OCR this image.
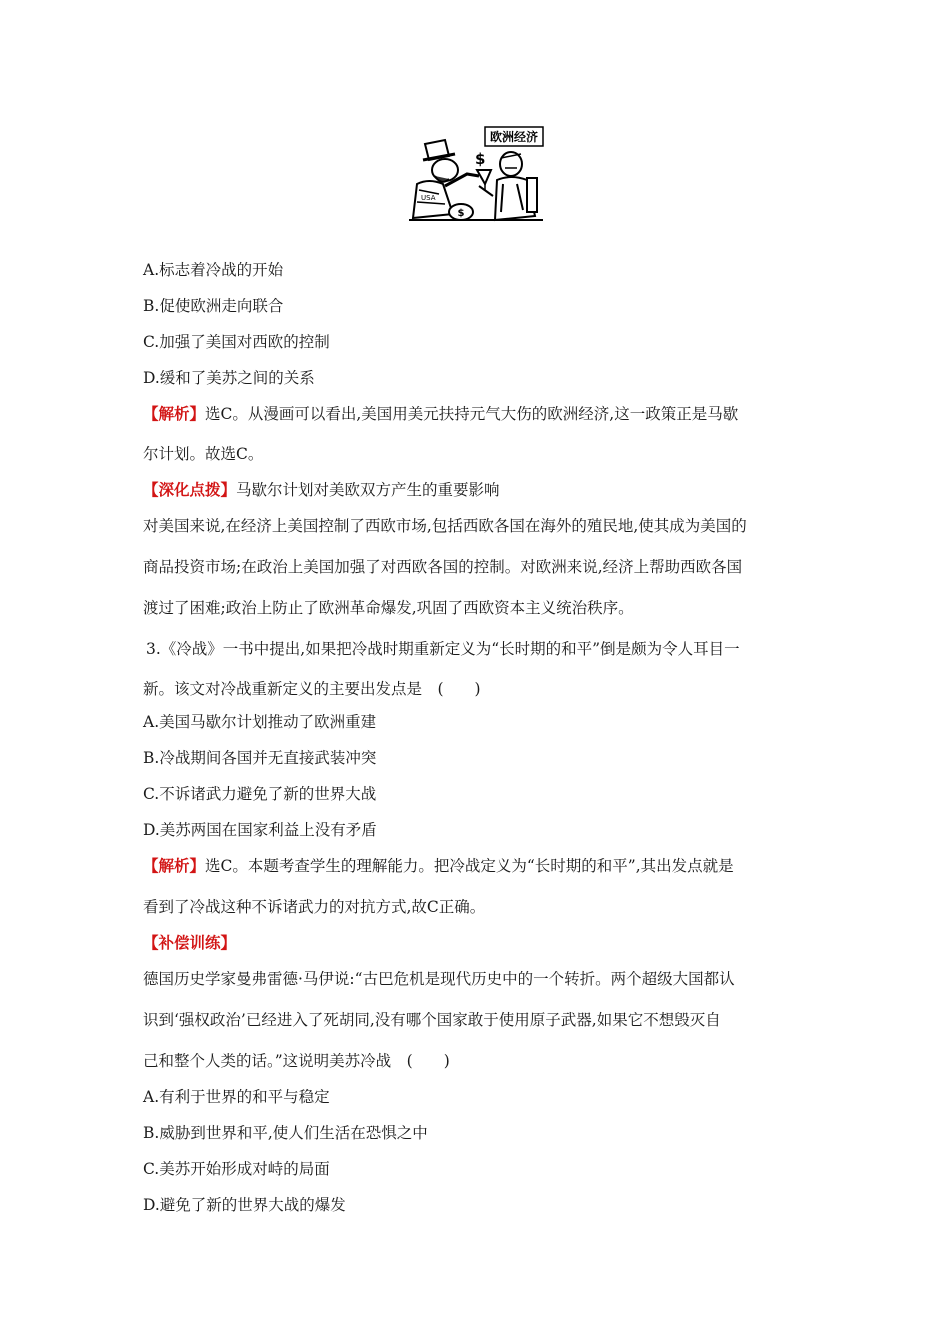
欧洲经济
USA
$
$
A.标志着冷战的开始
B.促使欧洲走向联合
C.加强了美国对西欧的控制
D.缓和了美苏之间的关系
【解析】选C。从漫画可以看出,美国用美元扶持元气大伤的欧洲经济,这一政策正是马歇
尔计划。故选C。
【深化点拨】马歇尔计划对美欧双方产生的重要影响
对美国来说,在经济上美国控制了西欧市场,包括西欧各国在海外的殖民地,使其成为美国的
商品投资市场;在政治上美国加强了对西欧各国的控制。对欧洲来说,经济上帮助西欧各国
渡过了困难;政治上防止了欧洲革命爆发,巩固了西欧资本主义统治秩序。
3.《冷战》一书中提出,如果把冷战时期重新定义为“长时期的和平”倒是颇为令人耳目一
新。该文对冷战重新定义的主要出发点是　(　　)
A.美国马歇尔计划推动了欧洲重建
B.冷战期间各国并无直接武装冲突
C.不诉诸武力避免了新的世界大战
D.美苏两国在国家利益上没有矛盾
【解析】选C。本题考查学生的理解能力。把冷战定义为“长时期的和平”,其出发点就是
看到了冷战这种不诉诸武力的对抗方式,故C正确。
【补偿训练】
德国历史学家曼弗雷德·马伊说:“古巴危机是现代历史中的一个转折。两个超级大国都认
识到‘强权政治’已经进入了死胡同,没有哪个国家敢于使用原子武器,如果它不想毁灭自
己和整个人类的话。”这说明美苏冷战　(　　)
A.有利于世界的和平与稳定
B.威胁到世界和平,使人们生活在恐惧之中
C.美苏开始形成对峙的局面
D.避免了新的世界大战的爆发
